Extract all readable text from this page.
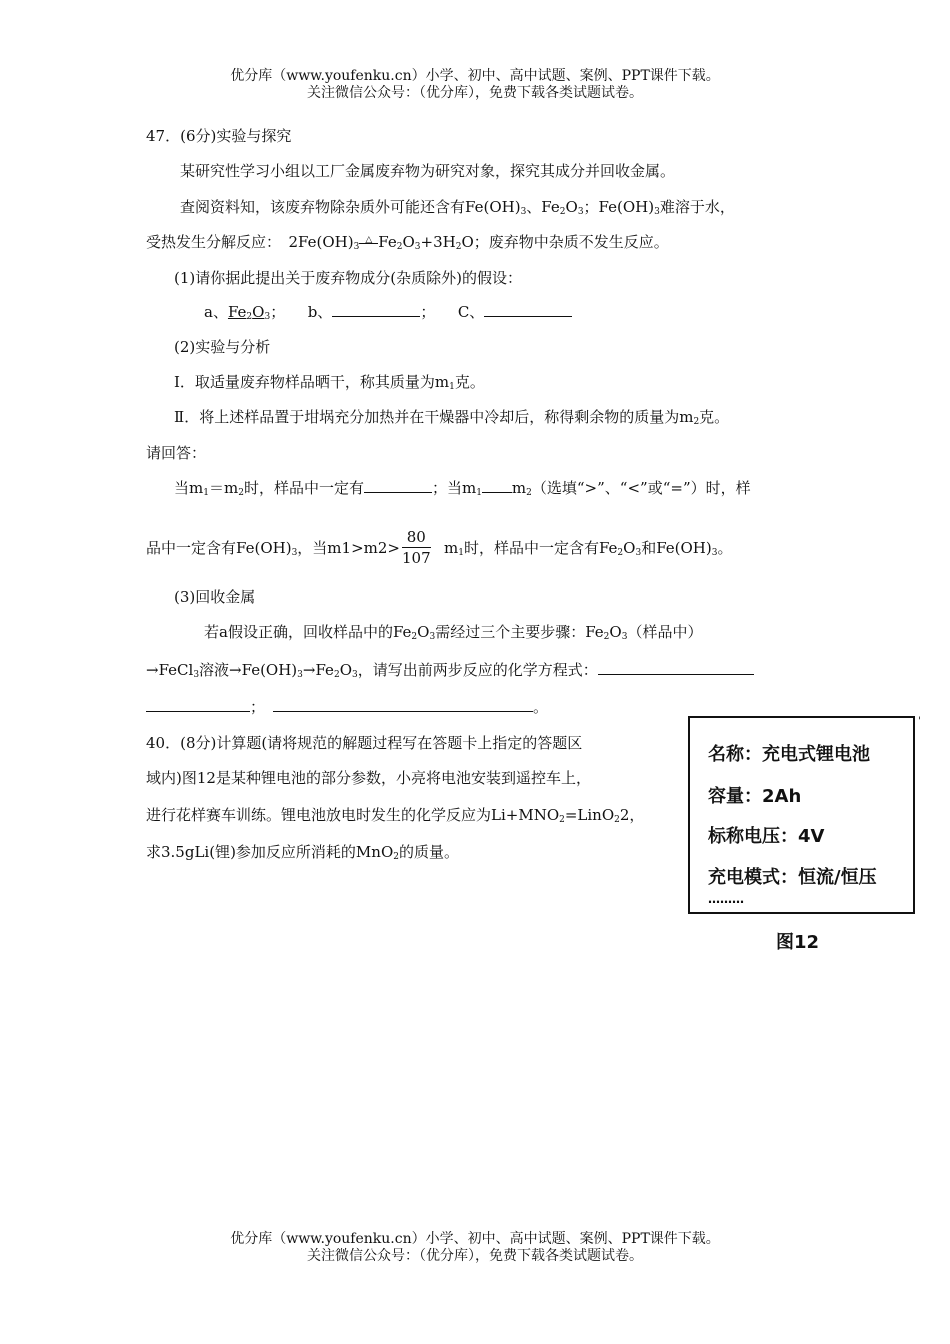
优分库（www.youfenku.cn）小学、初中、高中试题、案例、PPT课件下载。
关注微信公众号：（优分库），免费下载各类试题试卷。
47．(6分)实验与探究
某研究性学习小组以工厂金属废弃物为研究对象，探究其成分并回收金属。
查阅资料知，该废弃物除杂质外可能还含有$Fe(OH)_3$、$Fe_2O_3$；$Fe(OH)_3$难溶于水，
受热发生分解反应：　$2Fe(OH)_3^\triangle$ $Fe_2O_3+3H_2O$；废弃物中杂质不发生反应。
(1)请你据此提出关于废弃物成分(杂质除外)的假设：
a、$Fe_2O_3$；　　b、	；　　C、
(2)实验与分析
Ⅰ．取适量废弃物样品晒干，称其质量为$m_1$克。
Ⅱ．将上述样品置于坩埚充分加热并在干燥器中冷却后，称得剩余物的质量为$m_2$克。
请回答：
当$m_1=m_2$时，样品中一定有	；当$m_1$ $m_2$（选填“>”、“<”或“=”）时，样
品中一定含有$Fe(OH)_3$，当m1>m2>	$m_1$时，样品中一定含有$Fe_2O_3$和$Fe(OH)_3$。
80
107
(3)回收金属
若a假设正确，回收样品中的$Fe_2O_3$需经过三个主要步骤：$Fe_2O_3$（样品中）
→FeCl$_3$溶液$\to Fe(OH)_3\to Fe_2O_3$，请写出前两步反应的化学方程式：
；	。
40．(8分)计算题(请将规范的解题过程写在答题卡上指定的答题区
域内)图12是某种锂电池的部分参数，小亮将电池安装到遥控车上，
进行花样赛车训练。锂电池放电时发生的化学反应为$Li+MNO_2=LinO_22$，
求3.5gLi(锂)参加反应所消耗的MnO$_2$的质量。
名称：充电式锂电池
容量：2Ah
标称电压：4V
充电模式：恒流/恒压
………
'
图12
优分库（www.youfenku.cn）小学、初中、高中试题、案例、PPT课件下载。
关注微信公众号：（优分库），免费下载各类试题试卷。
